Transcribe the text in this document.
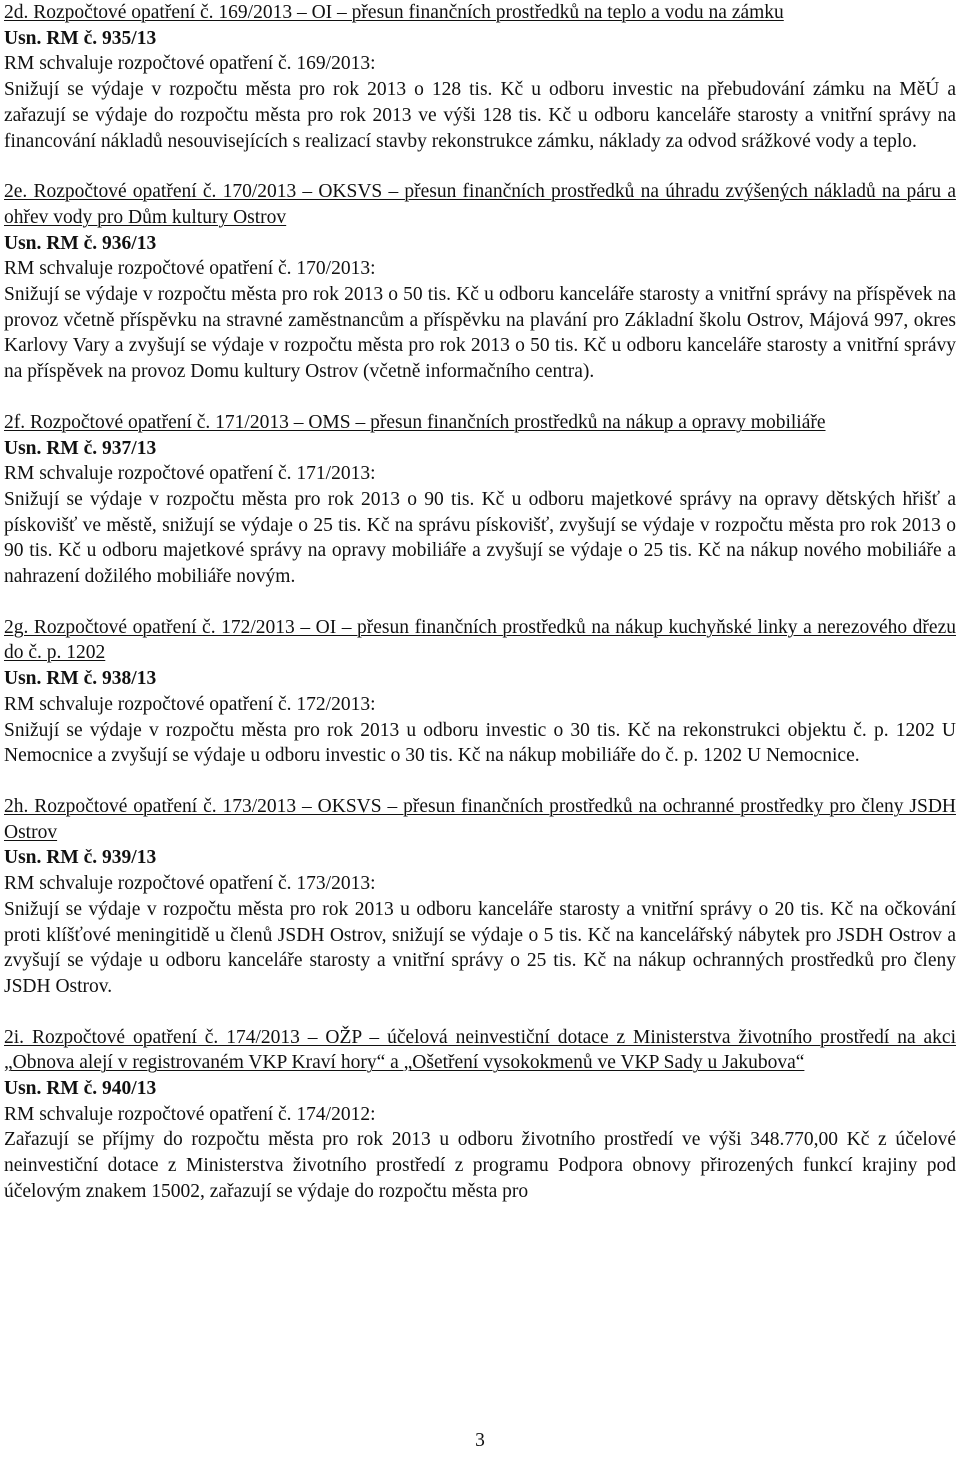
2d. Rozpočtové opatření č. 169/2013 – OI – přesun finančních prostředků na teplo a vodu na zámku

Usn. RM č. 935/13

RM schvaluje rozpočtové opatření č. 169/2013:

Snižují se výdaje v rozpočtu města pro rok 2013 o 128 tis. Kč u odboru investic na přebudování zámku na MěÚ a zařazují se výdaje do rozpočtu města pro rok 2013 ve výši 128 tis. Kč u odboru kanceláře starosty a vnitřní správy na financování nákladů nesouvisejících s realizací stavby rekonstrukce zámku, náklady za odvod srážkové vody a teplo.

2e. Rozpočtové opatření č. 170/2013 – OKSVS – přesun finančních prostředků na úhradu zvýšených nákladů na páru a ohřev vody pro Dům kultury Ostrov

Usn. RM č. 936/13

RM schvaluje rozpočtové opatření č. 170/2013:

Snižují se výdaje v rozpočtu města pro rok 2013 o 50 tis. Kč u odboru kanceláře starosty a vnitřní správy na příspěvek na provoz včetně příspěvku na stravné zaměstnancům a příspěvku na plavání pro Základní školu Ostrov, Májová 997, okres Karlovy Vary a zvyšují se výdaje v rozpočtu města pro rok 2013 o 50 tis. Kč u odboru kanceláře starosty a vnitřní správy na příspěvek na provoz Domu kultury Ostrov (včetně informačního centra).

2f. Rozpočtové opatření č. 171/2013 – OMS – přesun finančních prostředků na nákup a opravy mobiliáře

Usn. RM č. 937/13

RM schvaluje rozpočtové opatření č. 171/2013:

Snižují se výdaje v rozpočtu města pro rok 2013 o 90 tis. Kč u odboru majetkové správy na opravy dětských hřišť a pískovišť ve městě, snižují se výdaje o 25 tis. Kč na správu pískovišť, zvyšují se výdaje v rozpočtu města pro rok 2013 o 90 tis. Kč u odboru majetkové správy na opravy mobiliáře a zvyšují se výdaje o 25 tis. Kč na nákup nového mobiliáře a nahrazení dožilého mobiliáře novým.

2g. Rozpočtové opatření č. 172/2013 – OI – přesun finančních prostředků na nákup kuchyňské linky a nerezového dřezu do č. p. 1202

Usn. RM č. 938/13

RM schvaluje rozpočtové opatření č. 172/2013:

Snižují se výdaje v rozpočtu města pro rok 2013 u odboru investic o 30 tis. Kč na rekonstrukci objektu č. p. 1202 U Nemocnice a zvyšují se výdaje u odboru investic o 30 tis. Kč na nákup mobiliáře do č. p. 1202 U Nemocnice.

2h. Rozpočtové opatření č. 173/2013 – OKSVS – přesun finančních prostředků na ochranné prostředky pro členy JSDH Ostrov

Usn. RM č. 939/13

RM schvaluje rozpočtové opatření č. 173/2013:

Snižují se výdaje v rozpočtu města pro rok 2013 u odboru kanceláře starosty a vnitřní správy o 20 tis. Kč na očkování proti klíšťové meningitidě u členů JSDH Ostrov, snižují se výdaje o 5 tis. Kč na kancelářský nábytek pro JSDH Ostrov a zvyšují se výdaje u odboru kanceláře starosty a vnitřní správy o 25 tis. Kč na nákup ochranných prostředků pro členy JSDH Ostrov.

2i. Rozpočtové opatření č. 174/2013 – OŽP – účelová neinvestiční dotace z Ministerstva životního prostředí na akci „Obnova alejí v registrovaném VKP Kraví hory“ a „Ošetření vysokokmenů ve VKP Sady u Jakubova“

Usn. RM č. 940/13

RM schvaluje rozpočtové opatření č. 174/2012:

Zařazují se příjmy do rozpočtu města pro rok 2013 u odboru životního prostředí ve výši 348.770,00 Kč z účelové neinvestiční dotace z Ministerstva životního prostředí z programu Podpora obnovy přirozených funkcí krajiny pod účelovým znakem 15002, zařazují se výdaje do rozpočtu města pro

3
